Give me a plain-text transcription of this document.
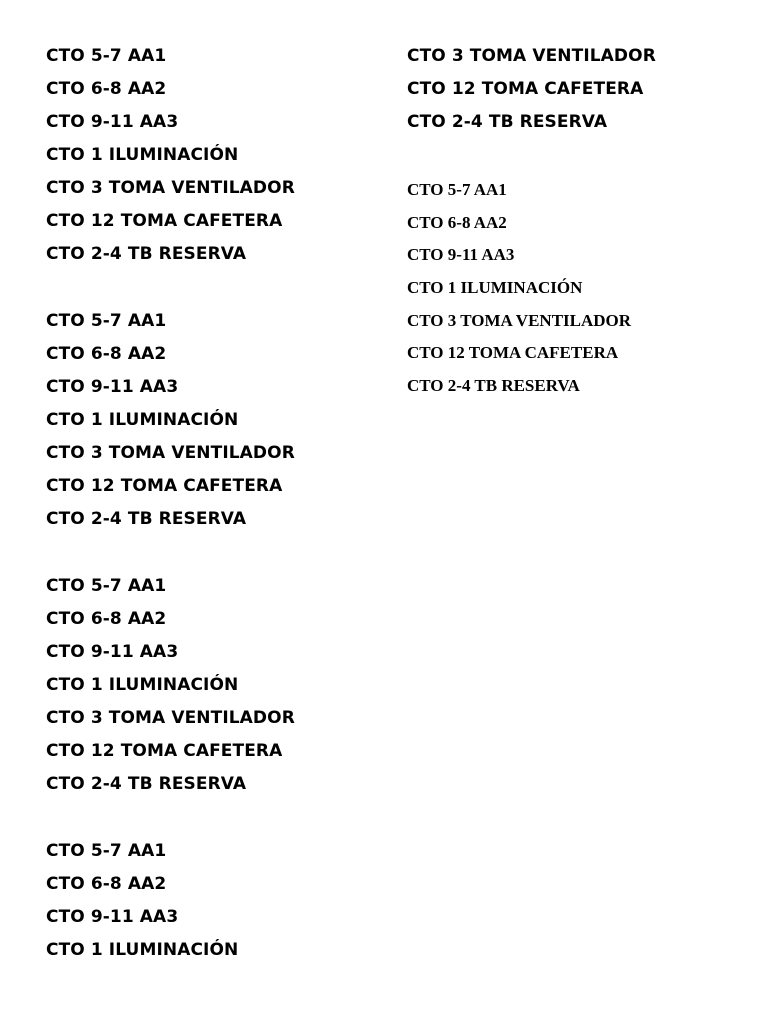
CTO 5-7 AA1
CTO 6-8 AA2
CTO 9-11 AA3
CTO 1 ILUMINACIÓN
CTO 3 TOMA VENTILADOR
CTO 12 TOMA CAFETERA
CTO 2-4 TB RESERVA
CTO 5-7 AA1
CTO 6-8 AA2
CTO 9-11 AA3
CTO 1 ILUMINACIÓN
CTO 3 TOMA VENTILADOR
CTO 12 TOMA CAFETERA
CTO 2-4 TB RESERVA
CTO 5-7 AA1
CTO 6-8 AA2
CTO 9-11 AA3
CTO 1 ILUMINACIÓN
CTO 3 TOMA VENTILADOR
CTO 12 TOMA CAFETERA
CTO 2-4 TB RESERVA
CTO 5-7 AA1
CTO 6-8 AA2
CTO 9-11 AA3
CTO 1 ILUMINACIÓN
CTO 3 TOMA VENTILADOR
CTO 12 TOMA CAFETERA
CTO 2-4 TB RESERVA
CTO 5-7 AA1
CTO 6-8 AA2
CTO 9-11 AA3
CTO 1 ILUMINACIÓN
CTO 3 TOMA VENTILADOR
CTO 12 TOMA CAFETERA
CTO 2-4 TB RESERVA
